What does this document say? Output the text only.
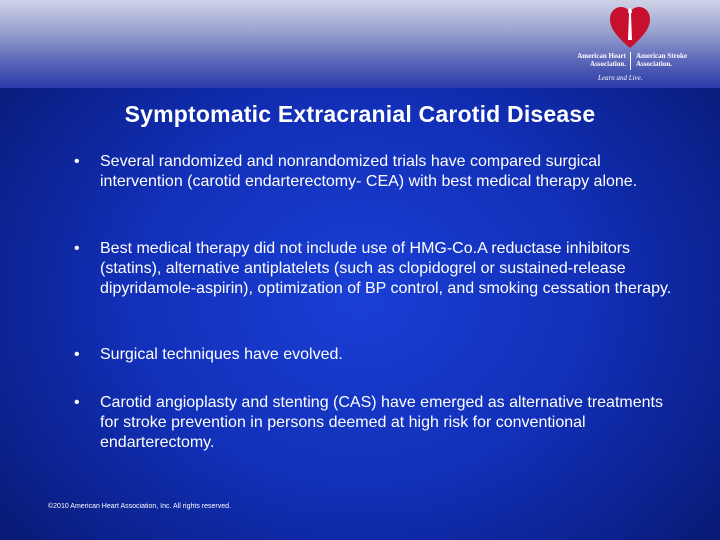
American Heart
Association.
American Stroke
Association.
Learn and Live.
Symptomatic Extracranial Carotid Disease
• Several randomized and nonrandomized trials have compared surgical intervention (carotid endarterectomy- CEA) with best medical therapy alone.
• Best medical therapy did not include use of HMG-Co.A reductase inhibitors (statins), alternative antiplatelets (such as clopidogrel or sustained-release dipyridamole-aspirin), optimization of BP control, and smoking cessation therapy.
• Surgical techniques have evolved.
• Carotid angioplasty and stenting (CAS) have emerged as alternative treatments for stroke prevention in persons deemed at high risk for conventional endarterectomy.
©2010 American Heart Association, Inc. All rights reserved.
